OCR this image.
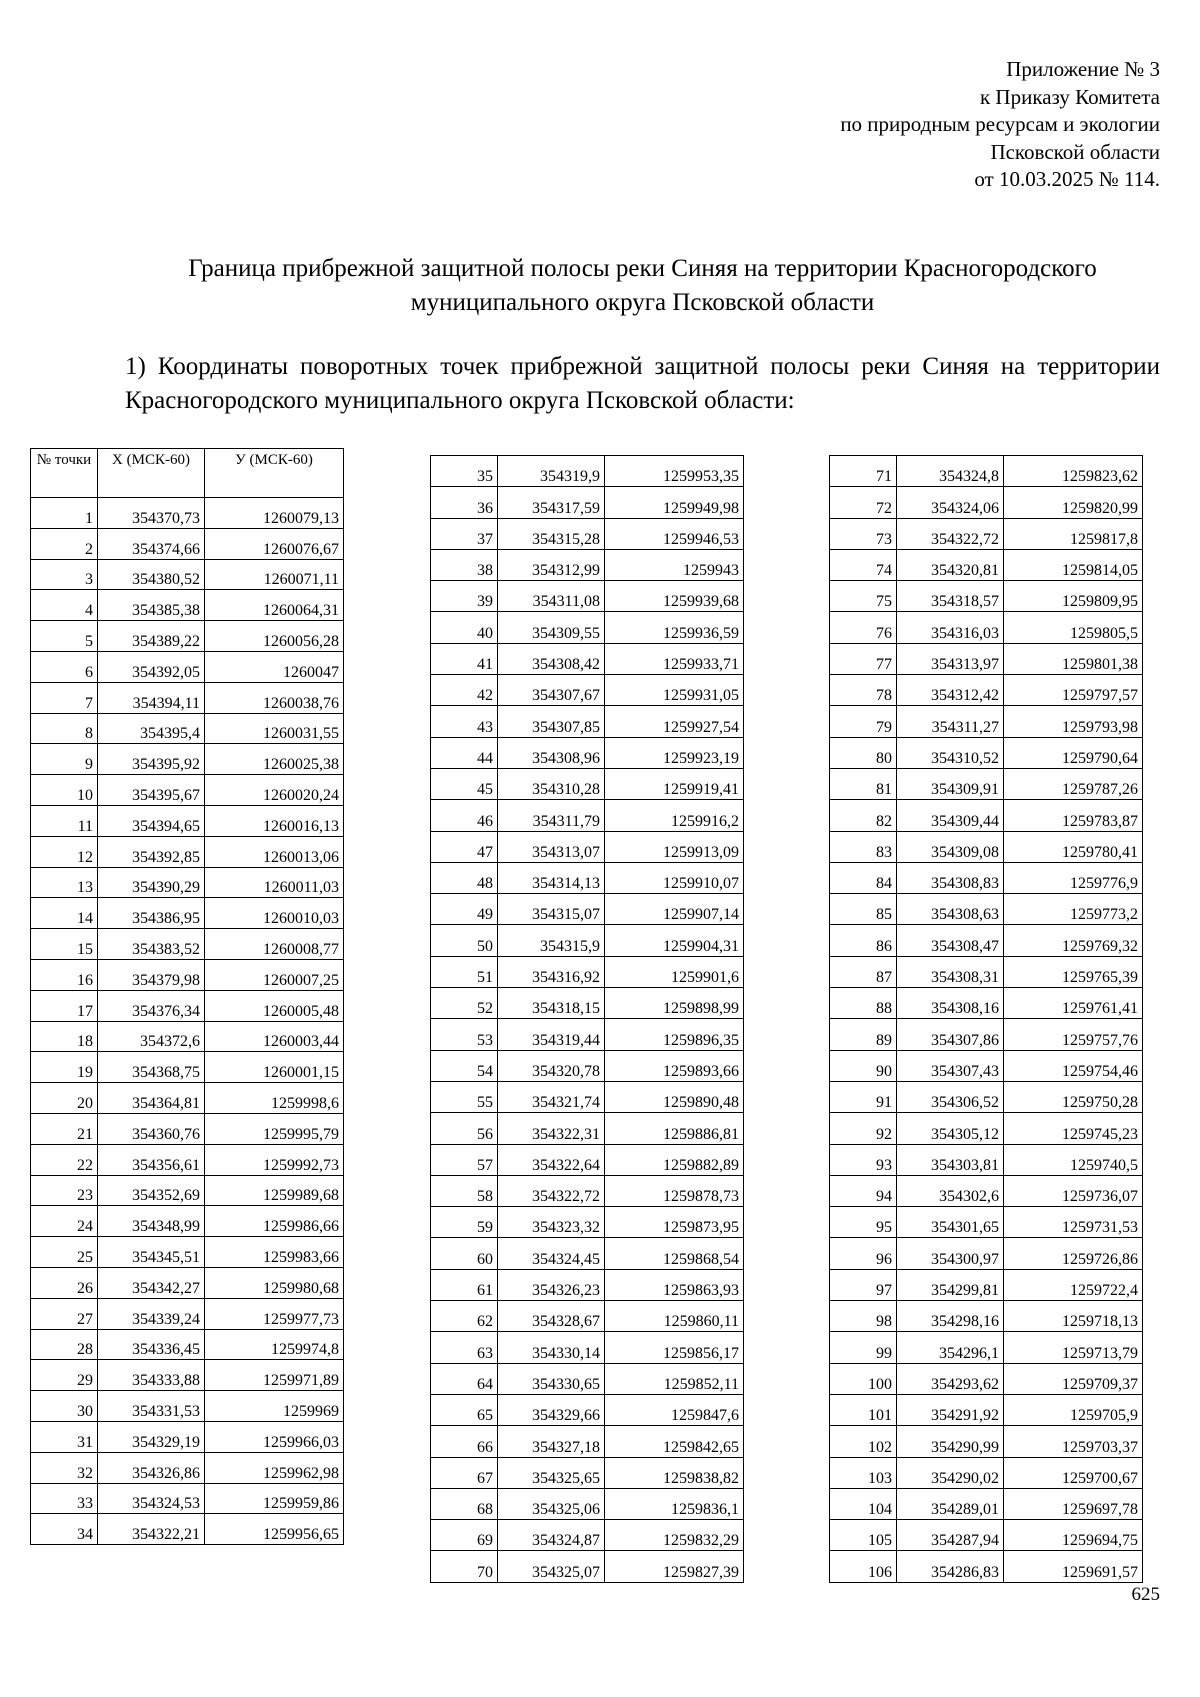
Приложение № 3
к Приказу Комитета
по природным ресурсам и экологии
Псковской области
от 10.03.2025 № 114.
Граница прибрежной защитной полосы реки Синяя на территории Красногородского
муниципального округа Псковской области
1) Координаты поворотных точек прибрежной защитной полосы реки Синяя на территории Красногородского муниципального округа Псковской области:
№ точки	Х (МСК-60)	У (МСК-60)
1	354370,73	1260079,13
2	354374,66	1260076,67
3	354380,52	1260071,11
4	354385,38	1260064,31
5	354389,22	1260056,28
6	354392,05	1260047
7	354394,11	1260038,76
8	354395,4	1260031,55
9	354395,92	1260025,38
10	354395,67	1260020,24
11	354394,65	1260016,13
12	354392,85	1260013,06
13	354390,29	1260011,03
14	354386,95	1260010,03
15	354383,52	1260008,77
16	354379,98	1260007,25
17	354376,34	1260005,48
18	354372,6	1260003,44
19	354368,75	1260001,15
20	354364,81	1259998,6
21	354360,76	1259995,79
22	354356,61	1259992,73
23	354352,69	1259989,68
24	354348,99	1259986,66
25	354345,51	1259983,66
26	354342,27	1259980,68
27	354339,24	1259977,73
28	354336,45	1259974,8
29	354333,88	1259971,89
30	354331,53	1259969
31	354329,19	1259966,03
32	354326,86	1259962,98
33	354324,53	1259959,86
34	354322,21	1259956,65
35	354319,9	1259953,35
36	354317,59	1259949,98
37	354315,28	1259946,53
38	354312,99	1259943
39	354311,08	1259939,68
40	354309,55	1259936,59
41	354308,42	1259933,71
42	354307,67	1259931,05
43	354307,85	1259927,54
44	354308,96	1259923,19
45	354310,28	1259919,41
46	354311,79	1259916,2
47	354313,07	1259913,09
48	354314,13	1259910,07
49	354315,07	1259907,14
50	354315,9	1259904,31
51	354316,92	1259901,6
52	354318,15	1259898,99
53	354319,44	1259896,35
54	354320,78	1259893,66
55	354321,74	1259890,48
56	354322,31	1259886,81
57	354322,64	1259882,89
58	354322,72	1259878,73
59	354323,32	1259873,95
60	354324,45	1259868,54
61	354326,23	1259863,93
62	354328,67	1259860,11
63	354330,14	1259856,17
64	354330,65	1259852,11
65	354329,66	1259847,6
66	354327,18	1259842,65
67	354325,65	1259838,82
68	354325,06	1259836,1
69	354324,87	1259832,29
70	354325,07	1259827,39
71	354324,8	1259823,62
72	354324,06	1259820,99
73	354322,72	1259817,8
74	354320,81	1259814,05
75	354318,57	1259809,95
76	354316,03	1259805,5
77	354313,97	1259801,38
78	354312,42	1259797,57
79	354311,27	1259793,98
80	354310,52	1259790,64
81	354309,91	1259787,26
82	354309,44	1259783,87
83	354309,08	1259780,41
84	354308,83	1259776,9
85	354308,63	1259773,2
86	354308,47	1259769,32
87	354308,31	1259765,39
88	354308,16	1259761,41
89	354307,86	1259757,76
90	354307,43	1259754,46
91	354306,52	1259750,28
92	354305,12	1259745,23
93	354303,81	1259740,5
94	354302,6	1259736,07
95	354301,65	1259731,53
96	354300,97	1259726,86
97	354299,81	1259722,4
98	354298,16	1259718,13
99	354296,1	1259713,79
100	354293,62	1259709,37
101	354291,92	1259705,9
102	354290,99	1259703,37
103	354290,02	1259700,67
104	354289,01	1259697,78
105	354287,94	1259694,75
106	354286,83	1259691,57
625
